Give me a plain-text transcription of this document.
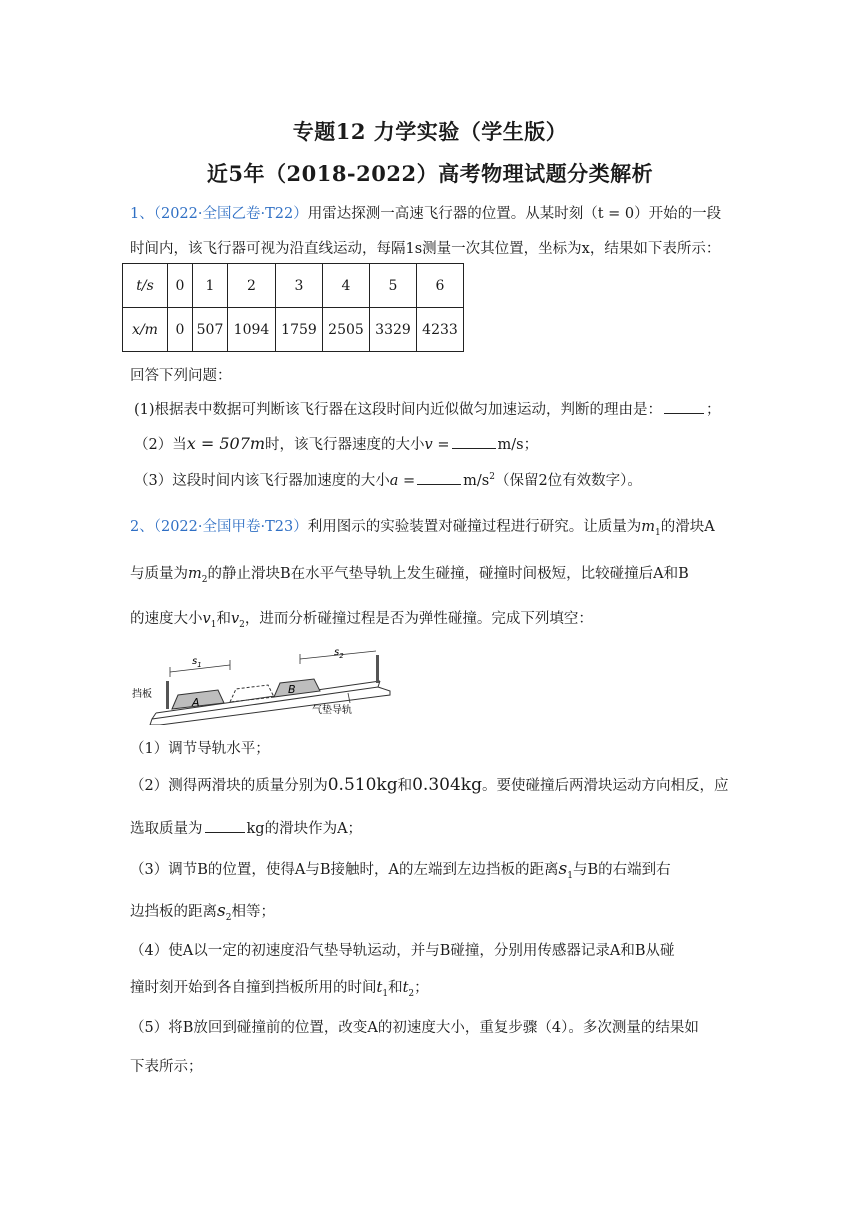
专题12 力学实验（学生版）
近5年（2018-2022）高考物理试题分类解析
1、（2022·全国乙卷·T22）用雷达探测一高速飞行器的位置。从某时刻（t = 0）开始的一段
时间内，该飞行器可视为沿直线运动，每隔1s测量一次其位置，坐标为x，结果如下表所示：
t/s	0	1	2	3	4	5	6
x/m	0	507	1094	1759	2505	3329	4233
回答下列问题：
(1)根据表中数据可判断该飞行器在这段时间内近似做匀加速运动，判断的理由是：	；
（2）当x = 507m时，该飞行器速度的大小v =	m/s；
（3）这段时间内该飞行器加速度的大小a =	$m/s^2$（保留2位有效数字）。
2、（2022·全国甲卷·T23）利用图示的实验装置对碰撞过程进行研究。让质量为$m_1$的滑块A
与质量为$m_2$的静止滑块B在水平气垫导轨上发生碰撞，碰撞时间极短，比较碰撞后A和B
的速度大小$v_1$和$v_2$，进而分析碰撞过程是否为弹性碰撞。完成下列填空：
A
B
$s_1$
$s_2$
挡板
气垫导轨
（1）调节导轨水平；
（2）测得两滑块的质量分别为0.510kg和0.304kg。要使碰撞后两滑块运动方向相反，应
选取质量为	kg的滑块作为A；
（3）调节B的位置，使得A与B接触时，A的左端到左边挡板的距离$s_1$与B的右端到右
边挡板的距离$s_2$相等；
（4）使A以一定的初速度沿气垫导轨运动，并与B碰撞，分别用传感器记录A和B从碰
撞时刻开始到各自撞到挡板所用的时间$t_1$和$t_2$；
（5）将B放回到碰撞前的位置，改变A的初速度大小，重复步骤（4）。多次测量的结果如
下表所示；
